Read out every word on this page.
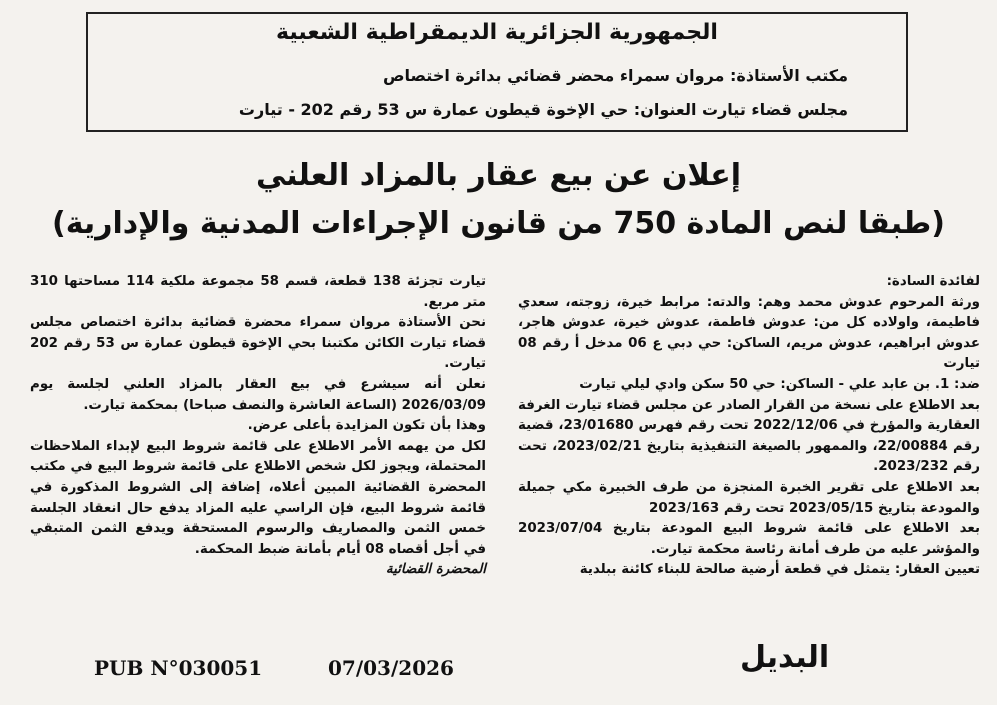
الجمهورية الجزائرية الديمقراطية الشعبية
مكتب الأستاذة: مروان سمراء محضر قضائي بدائرة اختصاص
مجلس قضاء تيارت العنوان: حي الإخوة قيطون عمارة س 53 رقم 202 - تيارت
إعلان عن بيع عقار بالمزاد العلني
(طبقا لنص المادة 750 من قانون الإجراءات المدنية والإدارية)

لفائدة السادة:

ورثة المرحوم عدوش محمد وهم: والدته: مرابط خيرة، زوجته، سعدي فاطيمة، واولاده كل من: عدوش فاطمة، عدوش خيرة، عدوش هاجر، عدوش ابراهيم، عدوش مريم، الساكن: حي دبي ع 06 مدخل أ رقم 08 تيارت

ضد: 1. بن عابد علي - الساكن: حي 50 سكن وادي ليلي تيارت

بعد الاطلاع على نسخة من القرار الصادر عن مجلس قضاء تيارت الغرفة العقارية والمؤرخ في 2022/12/06 تحت رقم فهرس 23/01680، قضية رقم 22/00884، والممهور بالصيغة التنفيذية بتاريخ 2023/02/21، تحت رقم 2023/232.

بعد الاطلاع على تقرير الخبرة المنجزة من طرف الخبيرة مكي جميلة والمودعة بتاريخ 2023/05/15 تحت رقم 2023/163

بعد الاطلاع على قائمة شروط البيع المودعة بتاريخ 2023/07/04 والمؤشر عليه من طرف أمانة رئاسة محكمة تيارت.

تعيين العقار: يتمثل في قطعة أرضية صالحة للبناء كائنة ببلدية

تيارت تجزئة 138 قطعة، قسم 58 مجموعة ملكية 114 مساحتها 310 متر مربع.

نحن الأستاذة مروان سمراء محضرة قضائية بدائرة اختصاص مجلس قضاء تيارت الكائن مكتبنا بحي الإخوة قيطون عمارة س 53 رقم 202 تيارت.

نعلن أنه سيشرع في بيع العقار بالمزاد العلني لجلسة يوم 2026/03/09 (الساعة العاشرة والنصف صباحا) بمحكمة تيارت.

وهذا بأن تكون المزايدة بأعلى عرض.

لكل من يهمه الأمر الاطلاع على قائمة شروط البيع لإبداء الملاحظات المحتملة، ويجوز لكل شخص الاطلاع على قائمة شروط البيع في مكتب المحضرة القضائية المبين أعلاه، إضافة إلى الشروط المذكورة في قائمة شروط البيع، فإن الراسي عليه المزاد يدفع حال انعقاد الجلسة خمس الثمن والمصاريف والرسوم المستحقة ويدفع الثمن المتبقي في أجل أقصاه 08 أيام بأمانة ضبط المحكمة.

المحضرة القضائية

PUB N°030051	07/03/2026	البديل
